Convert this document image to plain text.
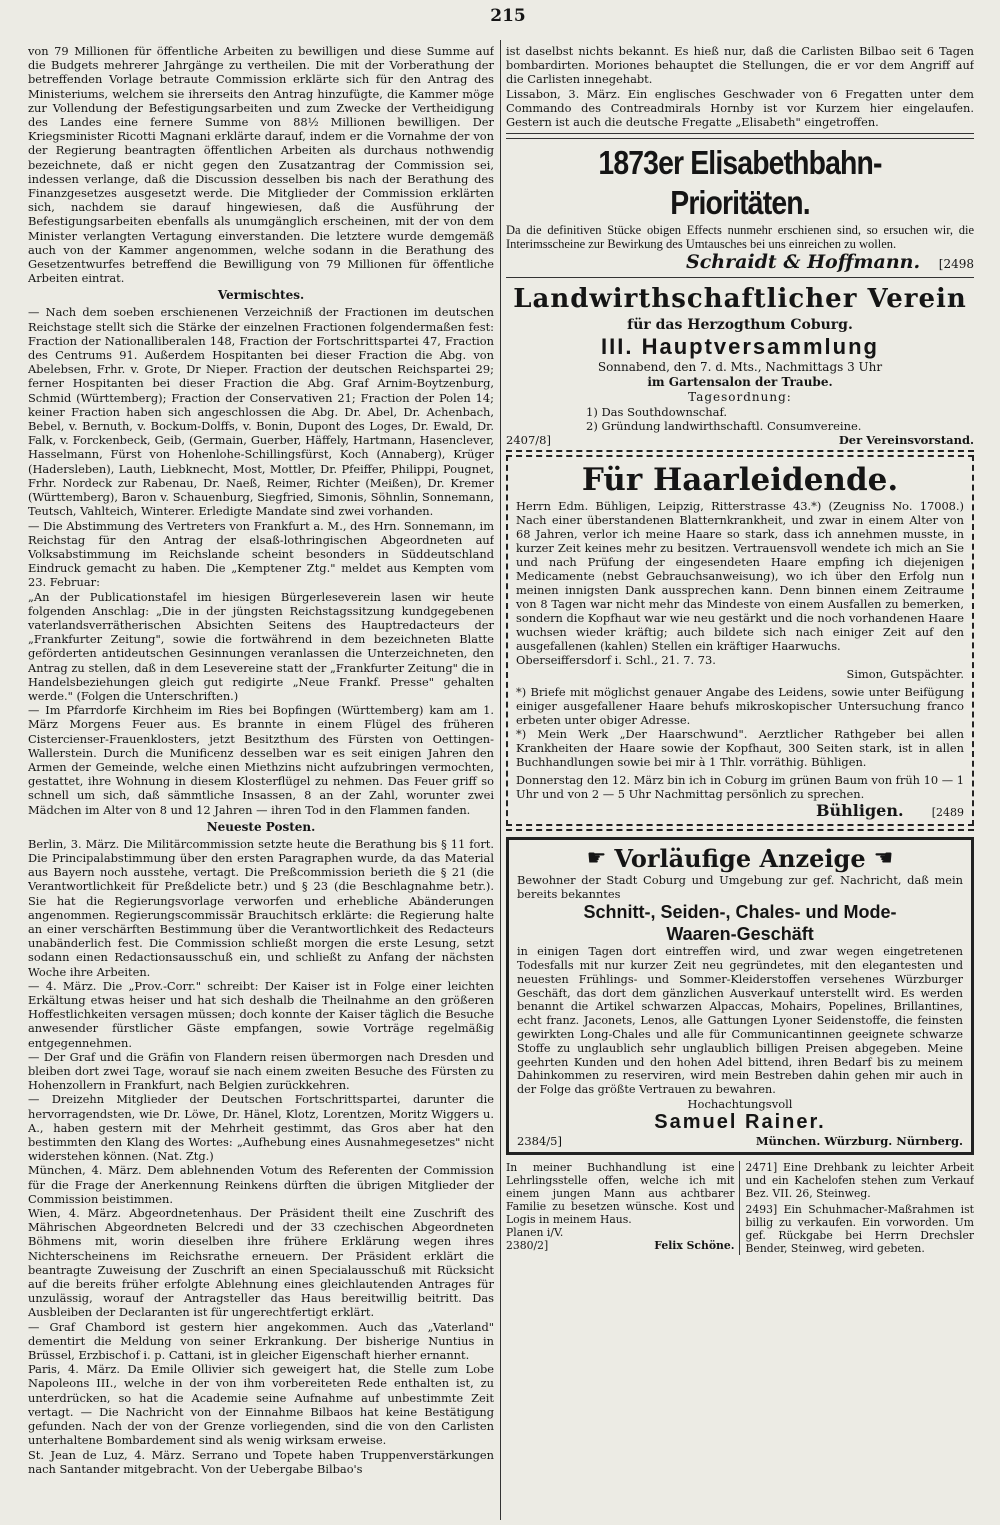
215

von 79 Millionen für öffentliche Arbeiten zu bewilligen und diese Summe auf die Budgets mehrerer Jahrgänge zu vertheilen. Die mit der Vorberathung der betreffenden Vorlage betraute Commission erklärte sich für den Antrag des Ministeriums, welchem sie ihrerseits den Antrag hinzufügte, die Kammer möge zur Vollendung der Befestigungsarbeiten und zum Zwecke der Vertheidigung des Landes eine fernere Summe von 88½ Millionen bewilligen. Der Kriegsminister Ricotti Magnani erklärte darauf, indem er die Vornahme der von der Regierung beantragten öffentlichen Arbeiten als durchaus nothwendig bezeichnete, daß er nicht gegen den Zusatzantrag der Commission sei, indessen verlange, daß die Discussion desselben bis nach der Berathung des Finanzgesetzes ausgesetzt werde. Die Mitglieder der Commission erklärten sich, nachdem sie darauf hingewiesen, daß die Ausführung der Befestigungsarbeiten ebenfalls als unumgänglich erscheinen, mit der von dem Minister verlangten Vertagung einverstanden. Die letztere wurde demgemäß auch von der Kammer angenommen, welche sodann in die Berathung des Gesetzentwurfes betreffend die Bewilligung von 79 Millionen für öffentliche Arbeiten eintrat.

Vermischtes.

— Nach dem soeben erschienenen Verzeichniß der Fractionen im deutschen Reichstage stellt sich die Stärke der einzelnen Fractionen folgendermaßen fest: Fraction der Nationalliberalen 148, Fraction der Fortschrittspartei 47, Fraction des Centrums 91. Außerdem Hospitanten bei dieser Fraction die Abg. von Abelebsen, Frhr. v. Grote, Dr Nieper. Fraction der deutschen Reichspartei 29; ferner Hospitanten bei dieser Fraction die Abg. Graf Arnim-Boytzenburg, Schmid (Württemberg); Fraction der Conservativen 21; Fraction der Polen 14; keiner Fraction haben sich angeschlossen die Abg. Dr. Abel, Dr. Achenbach, Bebel, v. Bernuth, v. Bockum-Dolffs, v. Bonin, Dupont des Loges, Dr. Ewald, Dr. Falk, v. Forckenbeck, Geib, (Germain, Guerber, Häffely, Hartmann, Hasenclever, Hasselmann, Fürst von Hohenlohe-Schillingsfürst, Koch (Annaberg), Krüger (Hadersleben), Lauth, Liebknecht, Most, Mottler, Dr. Pfeiffer, Philippi, Pougnet, Frhr. Nordeck zur Rabenau, Dr. Naeß, Reimer, Richter (Meißen), Dr. Kremer (Württemberg), Baron v. Schauenburg, Siegfried, Simonis, Söhnlin, Sonnemann, Teutsch, Vahlteich, Winterer. Erledigte Mandate sind zwei vorhanden.

— Die Abstimmung des Vertreters von Frankfurt a. M., des Hrn. Sonnemann, im Reichstag für den Antrag der elsaß-lothringischen Abgeordneten auf Volksabstimmung im Reichslande scheint besonders in Süddeutschland Eindruck gemacht zu haben. Die „Kemptener Ztg." meldet aus Kempten vom 23. Februar:

„An der Publicationstafel im hiesigen Bürgerleseverein lasen wir heute folgenden Anschlag: „Die in der jüngsten Reichstagssitzung kundgegebenen vaterlandsverrätherischen Absichten Seitens des Hauptredacteurs der „Frankfurter Zeitung", sowie die fortwährend in dem bezeichneten Blatte geförderten antideutschen Gesinnungen veranlassen die Unterzeichneten, den Antrag zu stellen, daß in dem Lesevereine statt der „Frankfurter Zeitung" die in Handelsbeziehungen gleich gut redigirte „Neue Frankf. Presse" gehalten werde." (Folgen die Unterschriften.)

— Im Pfarrdorfe Kirchheim im Ries bei Bopfingen (Württemberg) kam am 1. März Morgens Feuer aus. Es brannte in einem Flügel des früheren Cistercienser-Frauenklosters, jetzt Besitzthum des Fürsten von Oettingen-Wallerstein. Durch die Munificenz desselben war es seit einigen Jahren den Armen der Gemeinde, welche einen Miethzins nicht aufzubringen vermochten, gestattet, ihre Wohnung in diesem Klosterflügel zu nehmen. Das Feuer griff so schnell um sich, daß sämmtliche Insassen, 8 an der Zahl, worunter zwei Mädchen im Alter von 8 und 12 Jahren — ihren Tod in den Flammen fanden.

Neueste Posten.

Berlin, 3. März. Die Militärcommission setzte heute die Berathung bis § 11 fort. Die Principalabstimmung über den ersten Paragraphen wurde, da das Material aus Bayern noch ausstehe, vertagt. Die Preßcommission berieth die § 21 (die Verantwortlichkeit für Preßdelicte betr.) und § 23 (die Beschlagnahme betr.). Sie hat die Regierungsvorlage verworfen und erhebliche Abänderungen angenommen. Regierungscommissär Brauchitsch erklärte: die Regierung halte an einer verschärften Bestimmung über die Verantwortlichkeit des Redacteurs unabänderlich fest. Die Commission schließt morgen die erste Lesung, setzt sodann einen Redactionsausschuß ein, und schließt zu Anfang der nächsten Woche ihre Arbeiten.

— 4. März. Die „Prov.-Corr." schreibt: Der Kaiser ist in Folge einer leichten Erkältung etwas heiser und hat sich deshalb die Theilnahme an den größeren Hoffestlichkeiten versagen müssen; doch konnte der Kaiser täglich die Besuche anwesender fürstlicher Gäste empfangen, sowie Vorträge regelmäßig entgegennehmen.

— Der Graf und die Gräfin von Flandern reisen übermorgen nach Dresden und bleiben dort zwei Tage, worauf sie nach einem zweiten Besuche des Fürsten zu Hohenzollern in Frankfurt, nach Belgien zurückkehren.

— Dreizehn Mitglieder der Deutschen Fortschrittspartei, darunter die hervorragendsten, wie Dr. Löwe, Dr. Hänel, Klotz, Lorentzen, Moritz Wiggers u. A., haben gestern mit der Mehrheit gestimmt, das Gros aber hat den bestimmten den Klang des Wortes: „Aufhebung eines Ausnahmegesetzes" nicht widerstehen können. (Nat. Ztg.)

München, 4. März. Dem ablehnenden Votum des Referenten der Commission für die Frage der Anerkennung Reinkens dürften die übrigen Mitglieder der Commission beistimmen.

Wien, 4. März. Abgeordnetenhaus. Der Präsident theilt eine Zuschrift des Mährischen Abgeordneten Belcredi und der 33 czechischen Abgeordneten Böhmens mit, worin dieselben ihre frühere Erklärung wegen ihres Nichterscheinens im Reichsrathe erneuern. Der Präsident erklärt die beantragte Zuweisung der Zuschrift an einen Specialausschuß mit Rücksicht auf die bereits früher erfolgte Ablehnung eines gleichlautenden Antrages für unzulässig, worauf der Antragsteller das Haus bereitwillig beitritt. Das Ausbleiben der Declaranten ist für ungerechtfertigt erklärt.

— Graf Chambord ist gestern hier angekommen. Auch das „Vaterland" dementirt die Meldung von seiner Erkrankung. Der bisherige Nuntius in Brüssel, Erzbischof i. p. Cattani, ist in gleicher Eigenschaft hierher ernannt.

Paris, 4. März. Da Emile Ollivier sich geweigert hat, die Stelle zum Lobe Napoleons III., welche in der von ihm vorbereiteten Rede enthalten ist, zu unterdrücken, so hat die Academie seine Aufnahme auf unbestimmte Zeit vertagt. — Die Nachricht von der Einnahme Bilbaos hat keine Bestätigung gefunden. Nach der von der Grenze vorliegenden, sind die von den Carlisten unterhaltene Bombardement sind als wenig wirksam erweise.

St. Jean de Luz, 4. März. Serrano und Topete haben Truppenverstärkungen nach Santander mitgebracht. Von der Uebergabe Bilbao's

ist daselbst nichts bekannt. Es hieß nur, daß die Carlisten Bilbao seit 6 Tagen bombardirten. Moriones behauptet die Stellungen, die er vor dem Angriff auf die Carlisten innegehabt.

Lissabon, 3. März. Ein englisches Geschwader von 6 Fregatten unter dem Commando des Contreadmirals Hornby ist vor Kurzem hier eingelaufen. Gestern ist auch die deutsche Fregatte „Elisabeth" eingetroffen.

1873er Elisabethbahn-Prioritäten.

Da die definitiven Stücke obigen Effects nunmehr erschienen sind, so ersuchen wir, die Interimsscheine zur Bewirkung des Umtausches bei uns einreichen zu wollen.

Schraidt & Hoffmann. [2498
Landwirthschaftlicher Verein
für das Herzogthum Coburg.
III. Hauptversammlung
Sonnabend, den 7. d. Mts., Nachmittags 3 Uhr
im Gartensalon der Traube.
Tagesordnung:
1) Das Southdownschaf.
2) Gründung landwirthschaftl. Consumvereine.
2407/8]	Der Vereinsvorstand.
Für Haarleidende.

Herrn Edm. Bühligen, Leipzig, Ritterstrasse 43.*) (Zeugniss No. 17008.) Nach einer überstandenen Blatternkrankheit, und zwar in einem Alter von 68 Jahren, verlor ich meine Haare so stark, dass ich annehmen musste, in kurzer Zeit keines mehr zu besitzen. Vertrauensvoll wendete ich mich an Sie und nach Prüfung der eingesendeten Haare empfing ich diejenigen Medicamente (nebst Gebrauchsanweisung), wo ich über den Erfolg nun meinen innigsten Dank aussprechen kann. Denn binnen einem Zeitraume von 8 Tagen war nicht mehr das Mindeste von einem Ausfallen zu bemerken, sondern die Kopfhaut war wie neu gestärkt und die noch vorhandenen Haare wuchsen wieder kräftig; auch bildete sich nach einiger Zeit auf den ausgefallenen (kahlen) Stellen ein kräftiger Haarwuchs.

Oberseiffersdorf i. Schl., 21. 7. 73.
Simon, Gutspächter.

*) Briefe mit möglichst genauer Angabe des Leidens, sowie unter Beifügung einiger ausgefallener Haare behufs mikroskopischer Untersuchung franco erbeten unter obiger Adresse.

*) Mein Werk „Der Haarschwund". Aerztlicher Rathgeber bei allen Krankheiten der Haare sowie der Kopfhaut, 300 Seiten stark, ist in allen Buchhandlungen sowie bei mir à 1 Thlr. vorräthig. Bühligen.

Donnerstag den 12. März bin ich in Coburg im grünen Baum von früh 10 — 1 Uhr und von 2 — 5 Uhr Nachmittag persönlich zu sprechen.

Bühligen.	[2489
☛ Vorläufige Anzeige ☚

Bewohner der Stadt Coburg und Umgebung zur gef. Nachricht, daß mein bereits bekanntes

Schnitt-, Seiden-, Chales- und Mode-
Waaren-Geschäft

in einigen Tagen dort eintreffen wird, und zwar wegen eingetretenen Todesfalls mit nur kurzer Zeit neu gegründetes, mit den elegantesten und neuesten Frühlings- und Sommer-Kleiderstoffen versehenes Würzburger Geschäft, das dort dem gänzlichen Ausverkauf unterstellt wird. Es werden benannt die Artikel schwarzen Alpaccas, Mohairs, Popelines, Brillantines, echt franz. Jaconets, Lenos, alle Gattungen Lyoner Seidenstoffe, die feinsten gewirkten Long-Chales und alle für Communicantinnen geeignete schwarze Stoffe zu unglaublich sehr unglaublich billigen Preisen abgegeben. Meine geehrten Kunden und den hohen Adel bittend, ihren Bedarf bis zu meinem Dahinkommen zu reserviren, wird mein Bestreben dahin gehen mir auch in der Folge das größte Vertrauen zu bewahren.

Hochachtungsvoll
Samuel Rainer.
2384/5]	München. Würzburg. Nürnberg.

In meiner Buchhandlung ist eine Lehrlingsstelle offen, welche ich mit einem jungen Mann aus achtbarer Familie zu besetzen wünsche. Kost und Logis in meinem Haus.

Planen i/V.
2380/2]	Felix Schöne.

2471] Eine Drehbank zu leichter Arbeit und ein Kachelofen stehen zum Verkauf Bez. VII. 26, Steinweg.

2493] Ein Schuhmacher-Maßrahmen ist billig zu verkaufen. Ein vorworden. Um gef. Rückgabe bei Herrn Drechsler Bender, Steinweg, wird gebeten.
